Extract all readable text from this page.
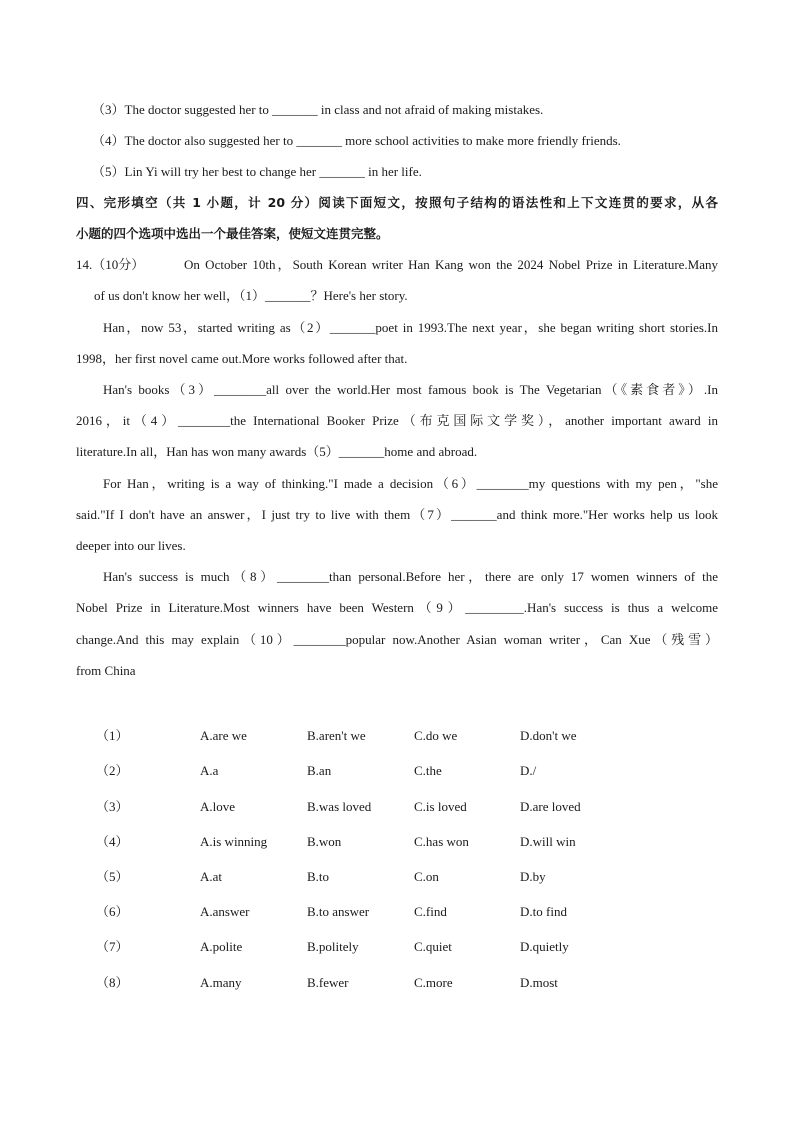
（3）The doctor suggested her to _______ in class and not afraid of making mistakes.
（4）The doctor also suggested her to _______ more school activities to make more friendly friends.
（5）Lin Yi will try her best to change her _______ in her life.
四、完形填空（共 1 小题，计 20 分）阅读下面短文，按照句子结构的语法性和上下文连贯的要求，从各
小题的四个选项中选出一个最佳答案，使短文连贯完整。
14.（10分）	On October 10th，South Korean writer Han Kang won the 2024 Nobel Prize in Literature.Many
of us don't know her well，（1）_______？Here's her story.
Han，now 53，started writing as（2）_______poet in 1993.The next year，she began writing short stories.In
1998，her first novel came out.More works followed after that.
Han's books（3）________all over the world.Her most famous book is The Vegetarian（《素食者》）.In
2016，it（4）________the International Booker Prize（布克国际文学奖），another important award in
literature.In all，Han has won many awards（5）_______home and abroad.
For Han，writing is a way of thinking."I made a decision（6）________my questions with my pen，"she
said."If I don't have an answer，I just try to live with them（7）_______and think more."Her works help us look
deeper into our lives.
Han's success is much（8）________than personal.Before her，there are only 17 women winners of the
Nobel Prize in Literature.Most winners have been Western（9）_________.Han's success is thus a welcome
change.And this may explain（10）________popular now.Another Asian woman writer，Can Xue（残雪）
from China
（1）	A.are we	B.aren't we	C.do we	D.don't we
（2）	A.a	B.an	C.the	D./
（3）	A.love	B.was loved	C.is loved	D.are loved
（4）	A.is winning	B.won	C.has won	D.will win
（5）	A.at	B.to	C.on	D.by
（6）	A.answer	B.to answer	C.find	D.to find
（7）	A.polite	B.politely	C.quiet	D.quietly
（8）	A.many	B.fewer	C.more	D.most
